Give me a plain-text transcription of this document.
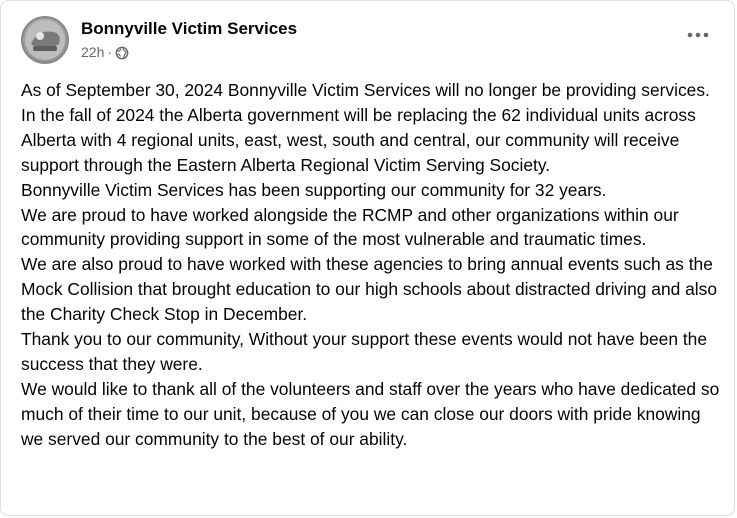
Bonnyville Victim Services
22h ·

As of September 30, 2024 Bonnyville Victim Services will no longer be providing services. In the fall of 2024 the Alberta government will be replacing the 62 individual units across Alberta with 4 regional units, east, west, south and central, our community will receive support through the Eastern Alberta Regional Victim Serving Society.

Bonnyville Victim Services has been supporting our community for 32 years.

We are proud to have worked alongside the RCMP and other organizations within our community providing support in some of the most vulnerable and traumatic times.

We are also proud to have worked with these agencies to bring annual events such as the Mock Collision that brought education to our high schools about distracted driving and also the Charity Check Stop in December.

Thank you to our community, Without your support these events would not have been the success that they were.

We would like to thank all of the volunteers and staff over the years who have dedicated so much of their time to our unit, because of you we can close our doors with pride knowing we served our community to the best of our ability.
